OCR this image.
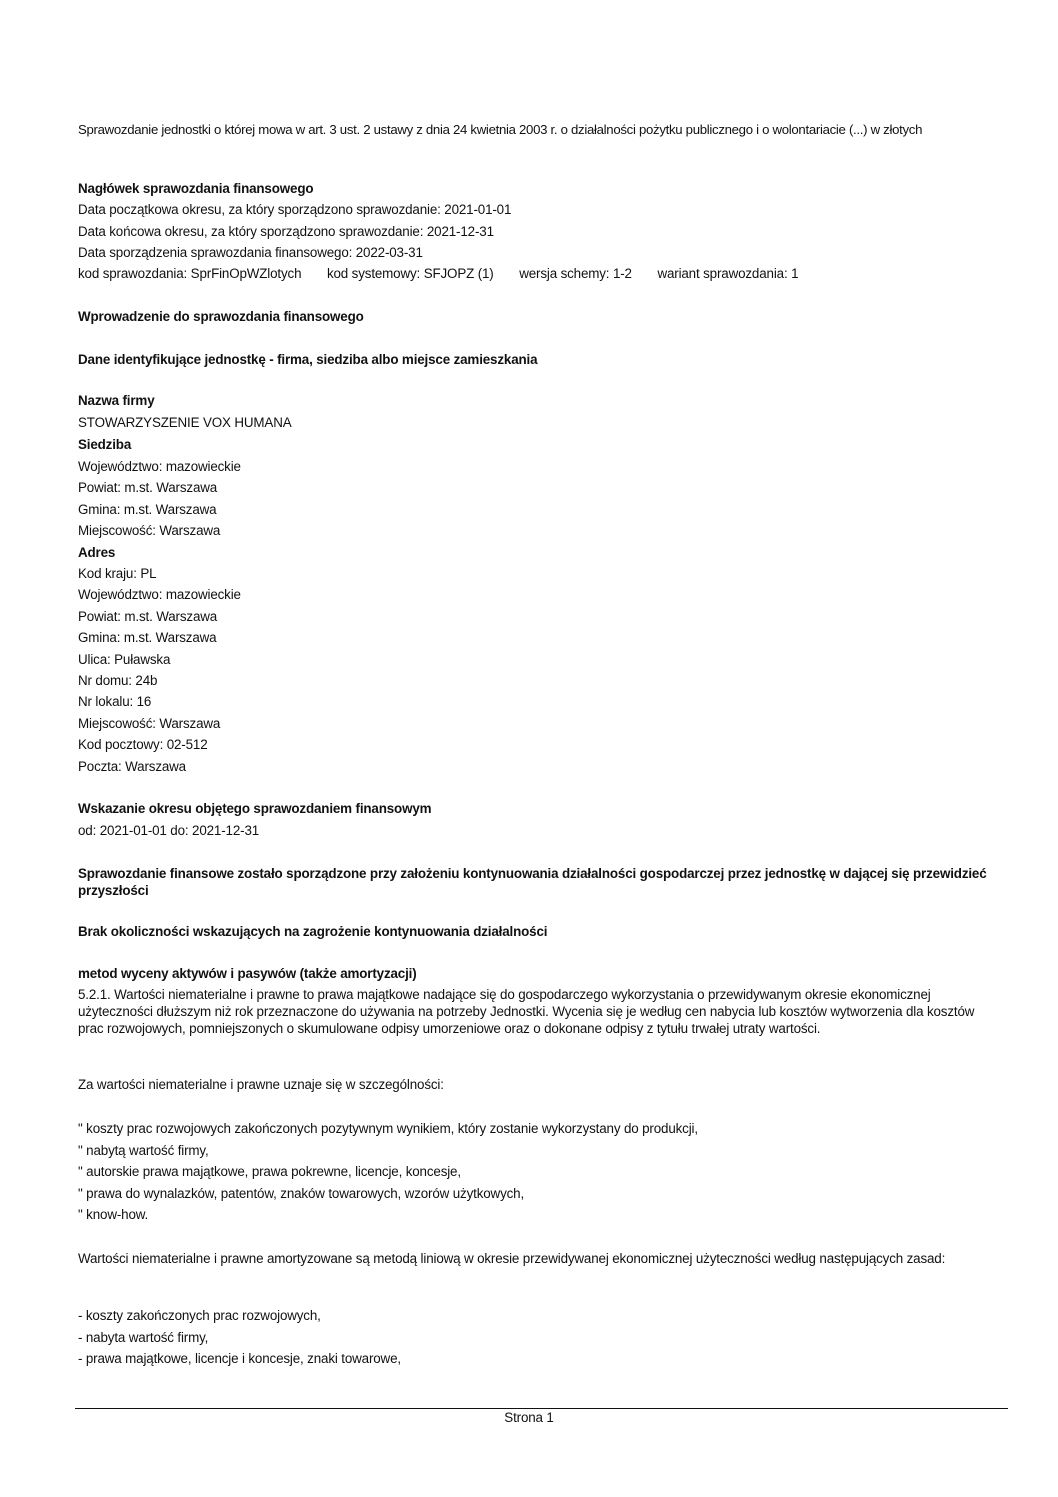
Sprawozdanie jednostki o której mowa w art. 3 ust. 2 ustawy z dnia 24 kwietnia 2003 r. o działalności pożytku publicznego i o wolontariacie (...) w złotych
Nagłówek sprawozdania finansowego
Data początkowa okresu, za który sporządzono sprawozdanie: 2021-01-01
Data końcowa okresu, za który sporządzono sprawozdanie: 2021-12-31
Data sporządzenia sprawozdania finansowego: 2022-03-31
kod sprawozdania: SprFinOpWZlotych kod systemowy: SFJOPZ (1) wersja schemy: 1-2 wariant sprawozdania: 1
Wprowadzenie do sprawozdania finansowego
Dane identyfikujące jednostkę - firma, siedziba albo miejsce zamieszkania
Nazwa firmy
STOWARZYSZENIE VOX HUMANA
Siedziba
Województwo: mazowieckie
Powiat: m.st. Warszawa
Gmina: m.st. Warszawa
Miejscowość: Warszawa
Adres
Kod kraju: PL
Województwo: mazowieckie
Powiat: m.st. Warszawa
Gmina: m.st. Warszawa
Ulica: Puławska
Nr domu: 24b
Nr lokalu: 16
Miejscowość: Warszawa
Kod pocztowy: 02-512
Poczta: Warszawa
Wskazanie okresu objętego sprawozdaniem finansowym
od: 2021-01-01 do: 2021-12-31
Sprawozdanie finansowe zostało sporządzone przy założeniu kontynuowania działalności gospodarczej przez jednostkę w dającej się przewidzieć przyszłości
Brak okoliczności wskazujących na zagrożenie kontynuowania działalności
metod wyceny aktywów i pasywów (także amortyzacji)
5.2.1. Wartości niematerialne i prawne to prawa majątkowe nadające się do gospodarczego wykorzystania o przewidywanym okresie ekonomicznej użyteczności dłuższym niż rok przeznaczone do używania na potrzeby Jednostki. Wycenia się je według cen nabycia lub kosztów wytworzenia dla kosztów prac rozwojowych, pomniejszonych o skumulowane odpisy umorzeniowe oraz o dokonane odpisy z tytułu trwałej utraty wartości.
Za wartości niematerialne i prawne uznaje się w szczególności:
" koszty prac rozwojowych zakończonych pozytywnym wynikiem, który zostanie wykorzystany do produkcji,
" nabytą wartość firmy,
" autorskie prawa majątkowe, prawa pokrewne, licencje, koncesje,
" prawa do wynalazków, patentów, znaków towarowych, wzorów użytkowych,
" know-how.
Wartości niematerialne i prawne amortyzowane są metodą liniową w okresie przewidywanej ekonomicznej użyteczności według następujących zasad:
- koszty zakończonych prac rozwojowych,
- nabyta wartość firmy,
- prawa majątkowe, licencje i koncesje, znaki towarowe,
Strona 1
